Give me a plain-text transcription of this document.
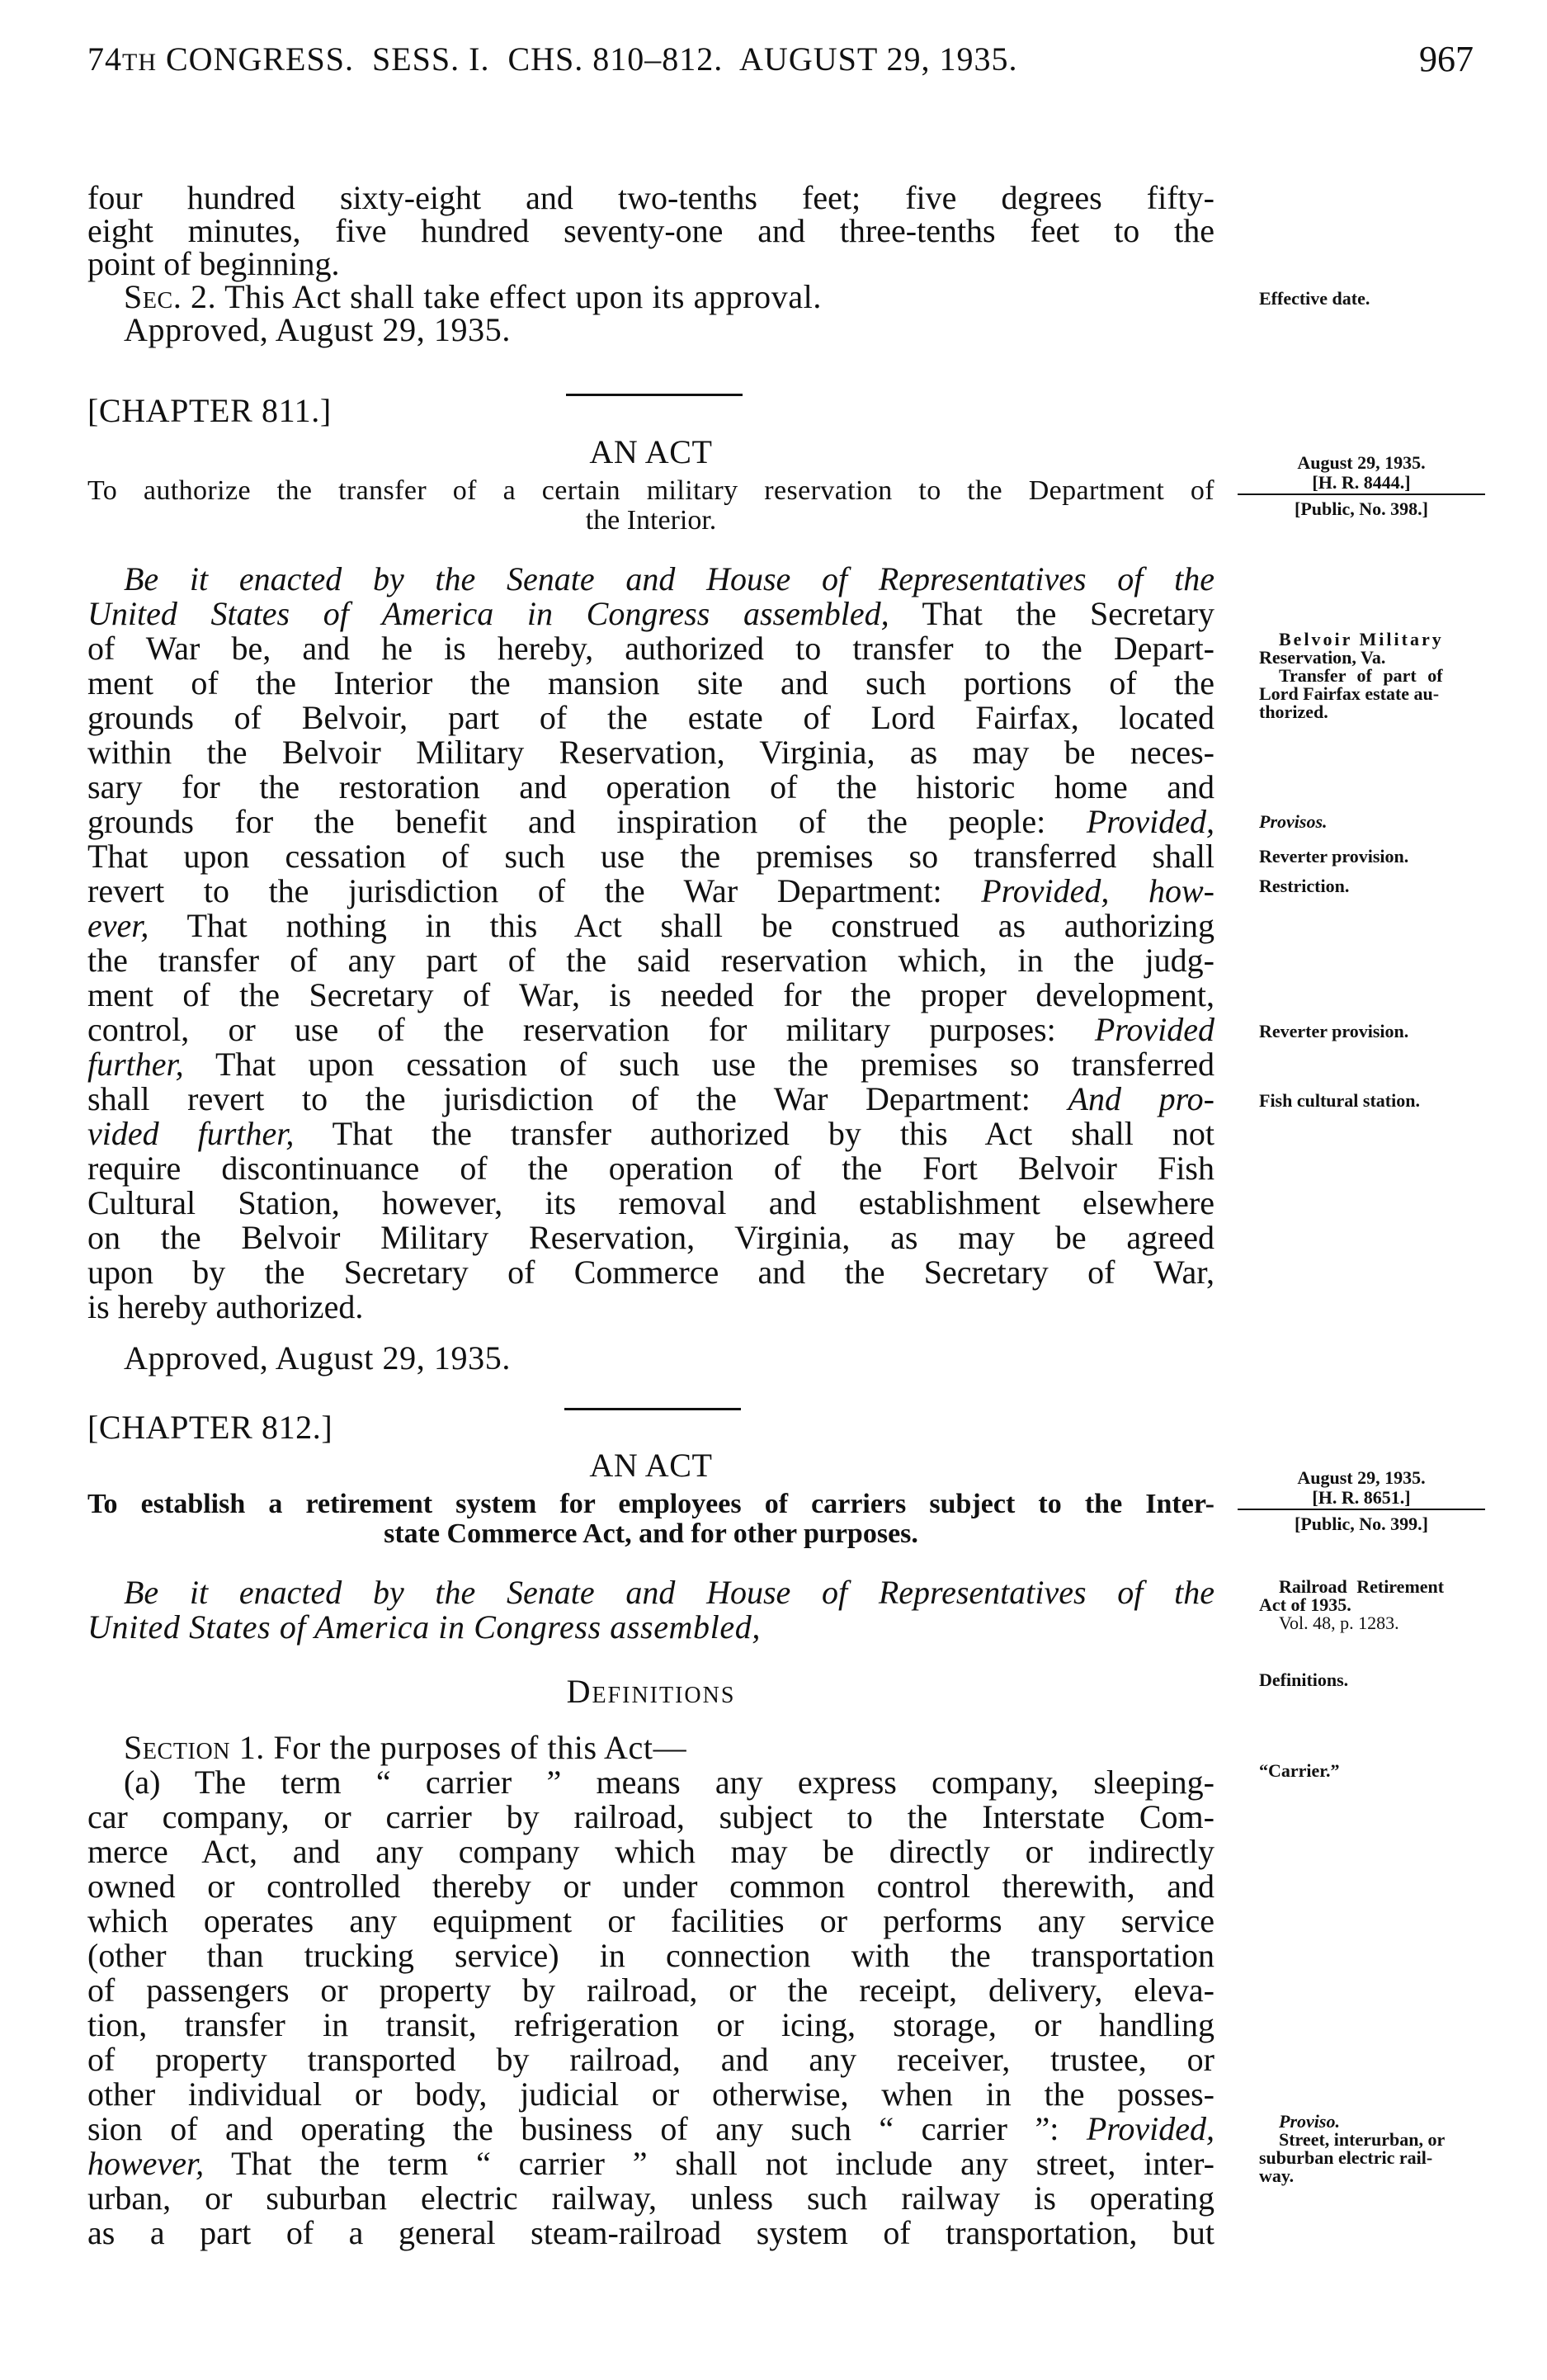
74TH CONGRESS.  SESS. I.  CHS. 810–812.  AUGUST 29, 1935.	967
four hundred sixty-eight and two-tenths feet; five degrees fifty-
eight minutes, five hundred seventy-one and three-tenths feet to the
point of beginning.
Sec. 2. This Act shall take effect upon its approval.
Approved, August 29, 1935.
Effective date.
[CHAPTER 811.]
AN ACT
To authorize the transfer of a certain military reservation to the Department of
the Interior.
August 29, 1935.
[H. R. 8444.]
[Public, No. 398.]
Be it enacted by the Senate and House of Representatives of the
United States of America in Congress assembled, That the Secretary
of War be, and he is hereby, authorized to transfer to the Depart-
ment of the Interior the mansion site and such portions of the
grounds of Belvoir, part of the estate of Lord Fairfax, located
within the Belvoir Military Reservation, Virginia, as may be neces-
sary for the restoration and operation of the historic home and
grounds for the benefit and inspiration of the people: Provided,
That upon cessation of such use the premises so transferred shall
revert to the jurisdiction of the War Department: Provided, how-
ever, That nothing in this Act shall be construed as authorizing
the transfer of any part of the said reservation which, in the judg-
ment of the Secretary of War, is needed for the proper development,
control, or use of the reservation for military purposes: Provided
further, That upon cessation of such use the premises so transferred
shall revert to the jurisdiction of the War Department: And pro-
vided further, That the transfer authorized by this Act shall not
require discontinuance of the operation of the Fort Belvoir Fish
Cultural Station, however, its removal and establishment elsewhere
on the Belvoir Military Reservation, Virginia, as may be agreed
upon by the Secretary of Commerce and the Secretary of War,
is hereby authorized.
Approved, August 29, 1935.
Belvoir Military
Reservation, Va.
Transfer of part of
Lord Fairfax estate au-
thorized.
Provisos.
Reverter provision.
Restriction.
Reverter provision.
Fish cultural station.
[CHAPTER 812.]
AN ACT
To establish a retirement system for employees of carriers subject to the Inter-
state Commerce Act, and for other purposes.
August 29, 1935.
[H. R. 8651.]
[Public, No. 399.]
Be it enacted by the Senate and House of Representatives of the
United States of America in Congress assembled,
Definitions
Section 1. For the purposes of this Act—
(a) The term “ carrier ” means any express company, sleeping-
car company, or carrier by railroad, subject to the Interstate Com-
merce Act, and any company which may be directly or indirectly
owned or controlled thereby or under common control therewith, and
which operates any equipment or facilities or performs any service
(other than trucking service) in connection with the transportation
of passengers or property by railroad, or the receipt, delivery, eleva-
tion, transfer in transit, refrigeration or icing, storage, or handling
of property transported by railroad, and any receiver, trustee, or
other individual or body, judicial or otherwise, when in the posses-
sion of and operating the business of any such “ carrier ”: Provided,
however, That the term “ carrier ” shall not include any street, inter-
urban, or suburban electric railway, unless such railway is operating
as a part of a general steam-railroad system of transportation, but
Railroad Retirement
Act of 1935.
Vol. 48, p. 1283.
Definitions.
“Carrier.”
Proviso.
Street, interurban, or
suburban electric rail-
way.
